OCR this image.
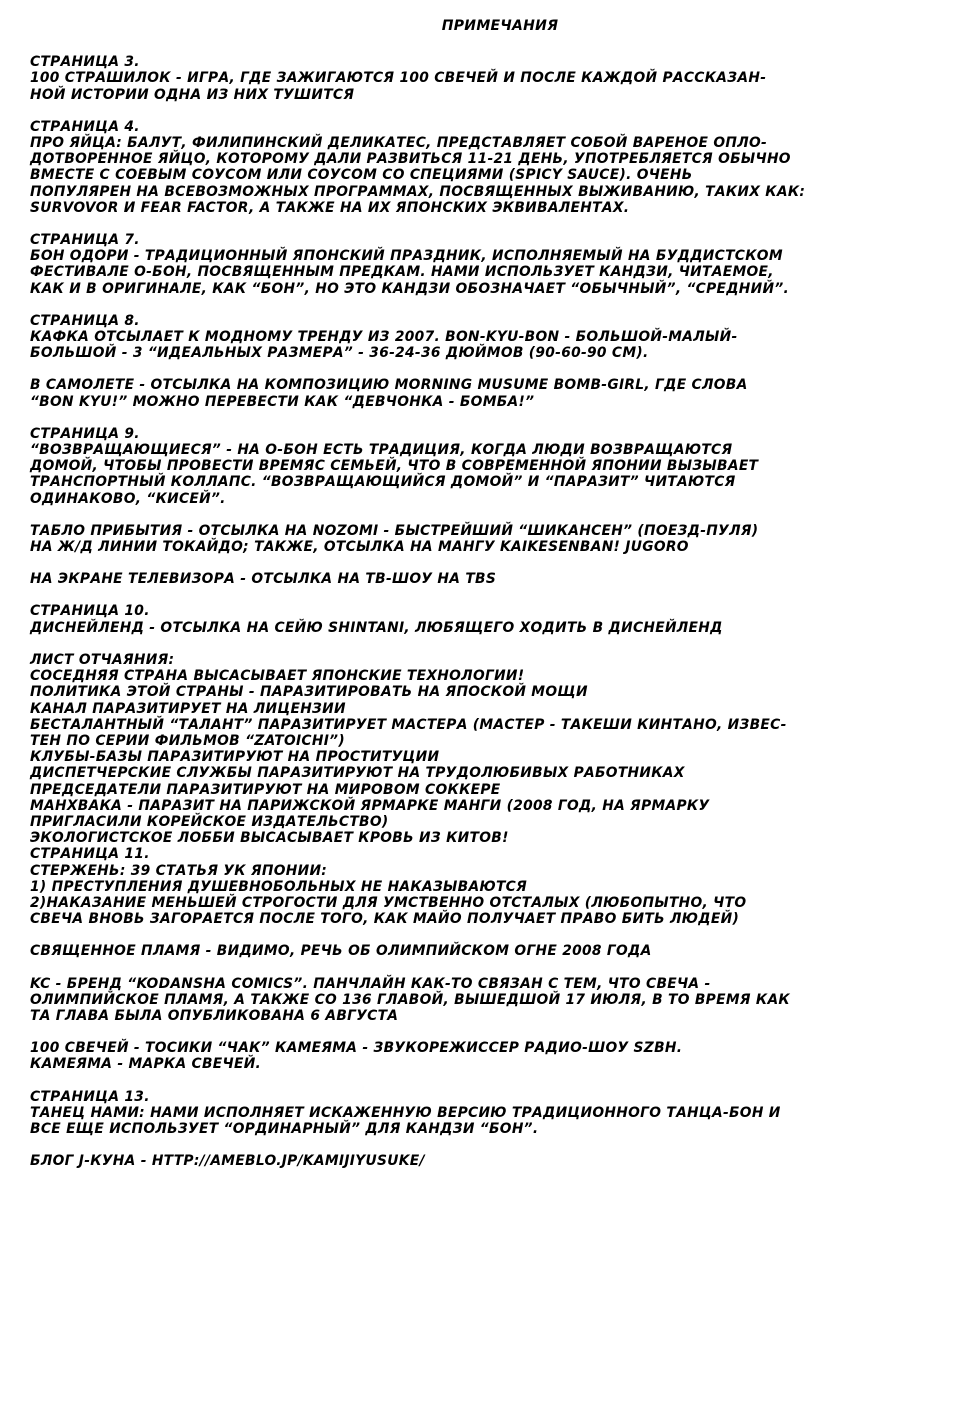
ПРИМЕЧАНИЯ
СТРАНИЦА 3.
100 СТРАШИЛОК - ИГРА, ГДЕ ЗАЖИГАЮТСЯ 100 СВЕЧЕЙ И ПОСЛЕ КАЖДОЙ РАССКАЗАН-
НОЙ ИСТОРИИ ОДНА ИЗ НИХ ТУШИТСЯ
СТРАНИЦА 4.
ПРО ЯЙЦА: БАЛУТ, ФИЛИПИНСКИЙ ДЕЛИКАТЕС, ПРЕДСТАВЛЯЕТ СОБОЙ ВАРЕНОЕ ОПЛО-
ДОТВОРЕННОЕ ЯЙЦО, КОТОРОМУ ДАЛИ РАЗВИТЬСЯ 11-21 ДЕНЬ, УПОТРЕБЛЯЕТСЯ ОБЫЧНО
ВМЕСТЕ С СОЕВЫМ СОУСОМ ИЛИ СОУСОМ СО СПЕЦИЯМИ (SPICY SAUCE). ОЧЕНЬ
ПОПУЛЯРЕН НА ВСЕВОЗМОЖНЫХ ПРОГРАММАХ, ПОСВЯЩЕННЫХ ВЫЖИВАНИЮ, ТАКИХ КАК:
SURVOVOR И FEAR FACTOR, А ТАКЖЕ НА ИХ ЯПОНСКИХ ЭКВИВАЛЕНТАХ.
СТРАНИЦА 7.
БОН ОДОРИ - ТРАДИЦИОННЫЙ ЯПОНСКИЙ ПРАЗДНИК, ИСПОЛНЯЕМЫЙ НА БУДДИСТСКОМ
ФЕСТИВАЛЕ О-БОН, ПОСВЯЩЕННЫМ ПРЕДКАМ. НАМИ ИСПОЛЬЗУЕТ КАНДЗИ, ЧИТАЕМОЕ,
КАК И В ОРИГИНАЛЕ, КАК “БОН”, НО ЭТО КАНДЗИ ОБОЗНАЧАЕТ “ОБЫЧНЫЙ”, “СРЕДНИЙ”.
СТРАНИЦА 8.
КАФКА ОТСЫЛАЕТ К МОДНОМУ ТРЕНДУ ИЗ 2007. BON-KYU-BON - БОЛЬШОЙ-МАЛЫЙ-
БОЛЬШОЙ - 3 “ИДЕАЛЬНЫХ РАЗМЕРА” - 36-24-36 ДЮЙМОВ (90-60-90 СМ).
В САМОЛЕТЕ - ОТСЫЛКА НА КОМПОЗИЦИЮ MORNING MUSUME BOMB-GIRL, ГДЕ СЛОВА
“BON KYU!” МОЖНО ПЕРЕВЕСТИ КАК “ДЕВЧОНКА - БОМБА!”
СТРАНИЦА 9.
“ВОЗВРАЩАЮЩИЕСЯ” - НА О-БОН ЕСТЬ ТРАДИЦИЯ, КОГДА ЛЮДИ ВОЗВРАЩАЮТСЯ
ДОМОЙ, ЧТОБЫ ПРОВЕСТИ ВРЕМЯС СЕМЬЕЙ, ЧТО В СОВРЕМЕННОЙ ЯПОНИИ ВЫЗЫВАЕТ
ТРАНСПОРТНЫЙ КОЛЛАПС. “ВОЗВРАЩАЮЩИЙСЯ ДОМОЙ” И “ПАРАЗИТ” ЧИТАЮТСЯ
ОДИНАКОВО, “КИСЕЙ”.
ТАБЛО ПРИБЫТИЯ - ОТСЫЛКА НА NOZOMI - БЫСТРЕЙШИЙ “ШИКАНСЕН” (ПОЕЗД-ПУЛЯ)
НА Ж/Д ЛИНИИ ТОКАЙДО; ТАКЖЕ, ОТСЫЛКА НА МАНГУ KAIKESENBAN! JUGORO
НА ЭКРАНЕ ТЕЛЕВИЗОРА - ОТСЫЛКА НА ТВ-ШОУ НА TBS
СТРАНИЦА 10.
ДИСНЕЙЛЕНД - ОТСЫЛКА НА СЕЙЮ SHINTANI, ЛЮБЯЩЕГО ХОДИТЬ В ДИСНЕЙЛЕНД
ЛИСТ ОТЧАЯНИЯ:
СОСЕДНЯЯ СТРАНА ВЫСАСЫВАЕТ ЯПОНСКИЕ ТЕХНОЛОГИИ!
ПОЛИТИКА ЭТОЙ СТРАНЫ - ПАРАЗИТИРОВАТЬ НА ЯПОСКОЙ МОЩИ
КАНАЛ ПАРАЗИТИРУЕТ НА ЛИЦЕНЗИИ
БЕСТАЛАНТНЫЙ “ТАЛАНТ” ПАРАЗИТИРУЕТ МАСТЕРА (МАСТЕР - ТАКЕШИ КИНТАНО, ИЗВЕС-
ТЕН ПО СЕРИИ ФИЛЬМОВ “ZATOICHI”)
КЛУБЫ-БАЗЫ ПАРАЗИТИРУЮТ НА ПРОСТИТУЦИИ
ДИСПЕТЧЕРСКИЕ СЛУЖБЫ ПАРАЗИТИРУЮТ НА ТРУДОЛЮБИВЫХ РАБОТНИКАХ
ПРЕДСЕДАТЕЛИ ПАРАЗИТИРУЮТ НА МИРОВОМ СОККЕРЕ
МАНХВАКА - ПАРАЗИТ НА ПАРИЖСКОЙ ЯРМАРКЕ МАНГИ (2008 ГОД, НА ЯРМАРКУ
ПРИГЛАСИЛИ КОРЕЙСКОЕ ИЗДАТЕЛЬСТВО)
ЭКОЛОГИСТСКОЕ ЛОББИ ВЫСАСЫВАЕТ КРОВЬ ИЗ КИТОВ!
СТРАНИЦА 11.
СТЕРЖЕНЬ: 39 СТАТЬЯ УК ЯПОНИИ:
1) ПРЕСТУПЛЕНИЯ ДУШЕВНОБОЛЬНЫХ НЕ НАКАЗЫВАЮТСЯ
2)НАКАЗАНИЕ МЕНЬШЕЙ СТРОГОСТИ ДЛЯ УМСТВЕННО ОТСТАЛЫХ (ЛЮБОПЫТНО, ЧТО
СВЕЧА ВНОВЬ ЗАГОРАЕТСЯ ПОСЛЕ ТОГО, КАК МАЙО ПОЛУЧАЕТ ПРАВО БИТЬ ЛЮДЕЙ)
СВЯЩЕННОЕ ПЛАМЯ - ВИДИМО, РЕЧЬ ОБ ОЛИМПИЙСКОМ ОГНЕ 2008 ГОДА
KC - БРЕНД “KODANSHA COMICS”. ПАНЧЛАЙН КАК-ТО СВЯЗАН С ТЕМ, ЧТО СВЕЧА -
ОЛИМПИЙСКОЕ ПЛАМЯ, А ТАКЖЕ СО 136 ГЛАВОЙ, ВЫШЕДШОЙ 17 ИЮЛЯ, В ТО ВРЕМЯ КАК
ТА ГЛАВА БЫЛА ОПУБЛИКОВАНА 6 АВГУСТА
100 СВЕЧЕЙ - ТОСИКИ “ЧАК” КАМЕЯМА - ЗВУКОРЕЖИССЕР РАДИО-ШОУ SZBH.
КАМЕЯМА - МАРКА СВЕЧЕЙ.
СТРАНИЦА 13.
ТАНЕЦ НАМИ: НАМИ ИСПОЛНЯЕТ ИСКАЖЕННУЮ ВЕРСИЮ ТРАДИЦИОННОГО ТАНЦА-БОН И
ВСЕ ЕЩЕ ИСПОЛЬЗУЕТ “ОРДИНАРНЫЙ” ДЛЯ КАНДЗИ “БОН”.
БЛОГ J-КУНА - HTTP://AMEBLO.JP/KAMIJIYUSUKE/
